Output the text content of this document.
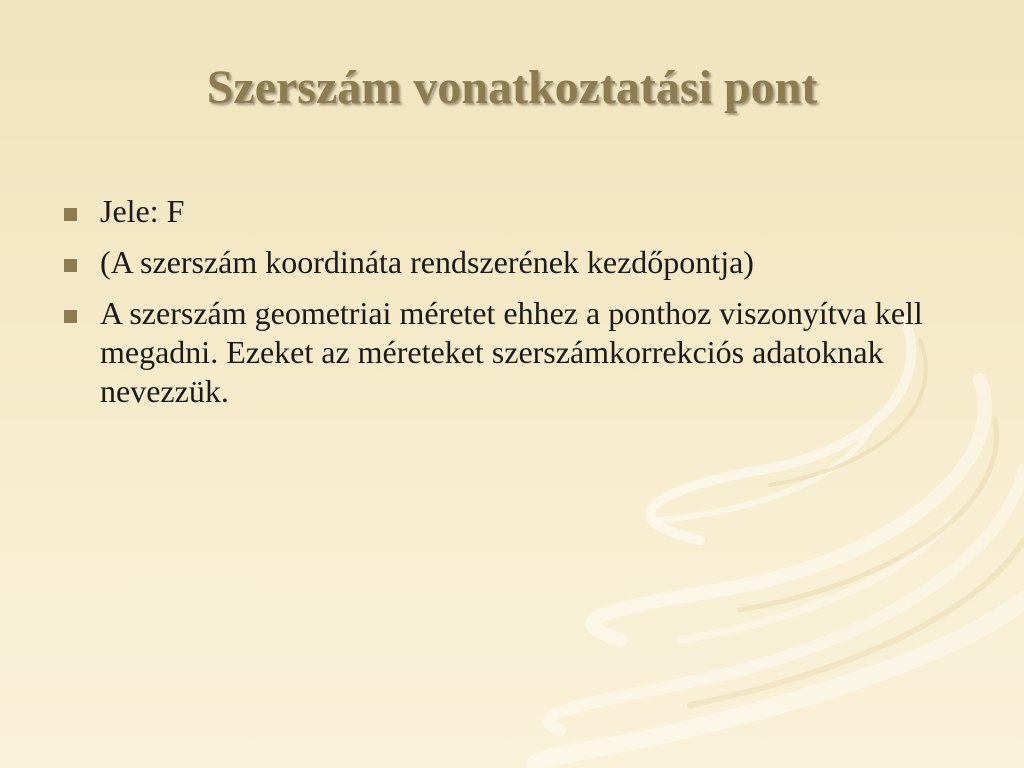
Szerszám vonatkoztatási pont
Jele: F
(A szerszám koordináta rendszerének kezdőpontja)
A szerszám geometriai méretet ehhez a ponthoz viszonyítva kell megadni. Ezeket az méreteket szerszámkorrekciós adatoknak nevezzük.
